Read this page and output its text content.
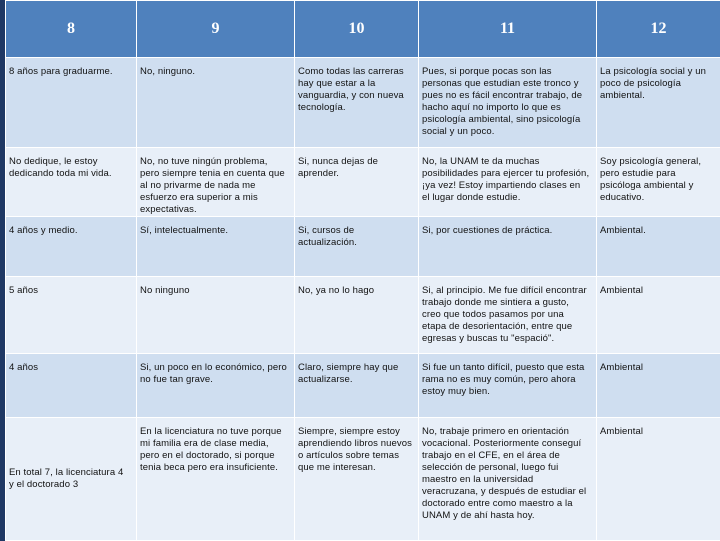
8	9	10	11	12

8 años para graduarme.	No, ninguno.	Como todas las carreras hay que estar a la vanguardia, y con nueva tecnología.	Pues, si porque pocas son las personas que estudian este tronco y pues no es fácil encontrar trabajo, de hacho aquí no importo lo que es psicología ambiental, sino psicología social y un poco.	La psicología social y un poco de psicología ambiental.

No dedique, le estoy dedicando toda mi vida.	No, no tuve ningún problema, pero siempre tenia en cuenta que al no privarme de nada me esfuerzo era superior a mis expectativas.	Si, nunca dejas de aprender.	No, la UNAM te da muchas posibilidades para ejercer tu profesión, ¡ya vez! Estoy impartiendo clases en el lugar donde estudie.	Soy psicología general, pero estudie para psicóloga ambiental y educativo.

4 años y medio.	Sí, intelectualmente.	Si, cursos de actualización.	Si, por cuestiones de práctica.	Ambiental.

5 años	No ninguno	No, ya no lo hago	Si, al principio. Me fue difícil encontrar trabajo donde me sintiera a gusto, creo que todos pasamos por una etapa de desorientación, entre que egresas y buscas tu "espació".	Ambiental

4 años	Si, un poco en lo económico, pero no fue tan grave.	Claro, siempre hay que actualizarse.	Si fue un tanto difícil, puesto que esta rama no es muy común, pero ahora estoy muy bien.	Ambiental

En total 7, la licenciatura 4 y el doctorado 3	En la licenciatura no tuve porque mi familia era de clase media, pero en el doctorado, si porque tenia beca pero era insuficiente.	Siempre, siempre estoy aprendiendo libros nuevos o artículos sobre temas que me interesan.	No, trabaje primero en orientación vocacional. Posteriormente conseguí trabajo en el CFE, en el área de selección de personal, luego fui maestro en la universidad veracruzana, y después de estudiar el doctorado entre como maestro a la UNAM y de ahí hasta hoy.	Ambiental
